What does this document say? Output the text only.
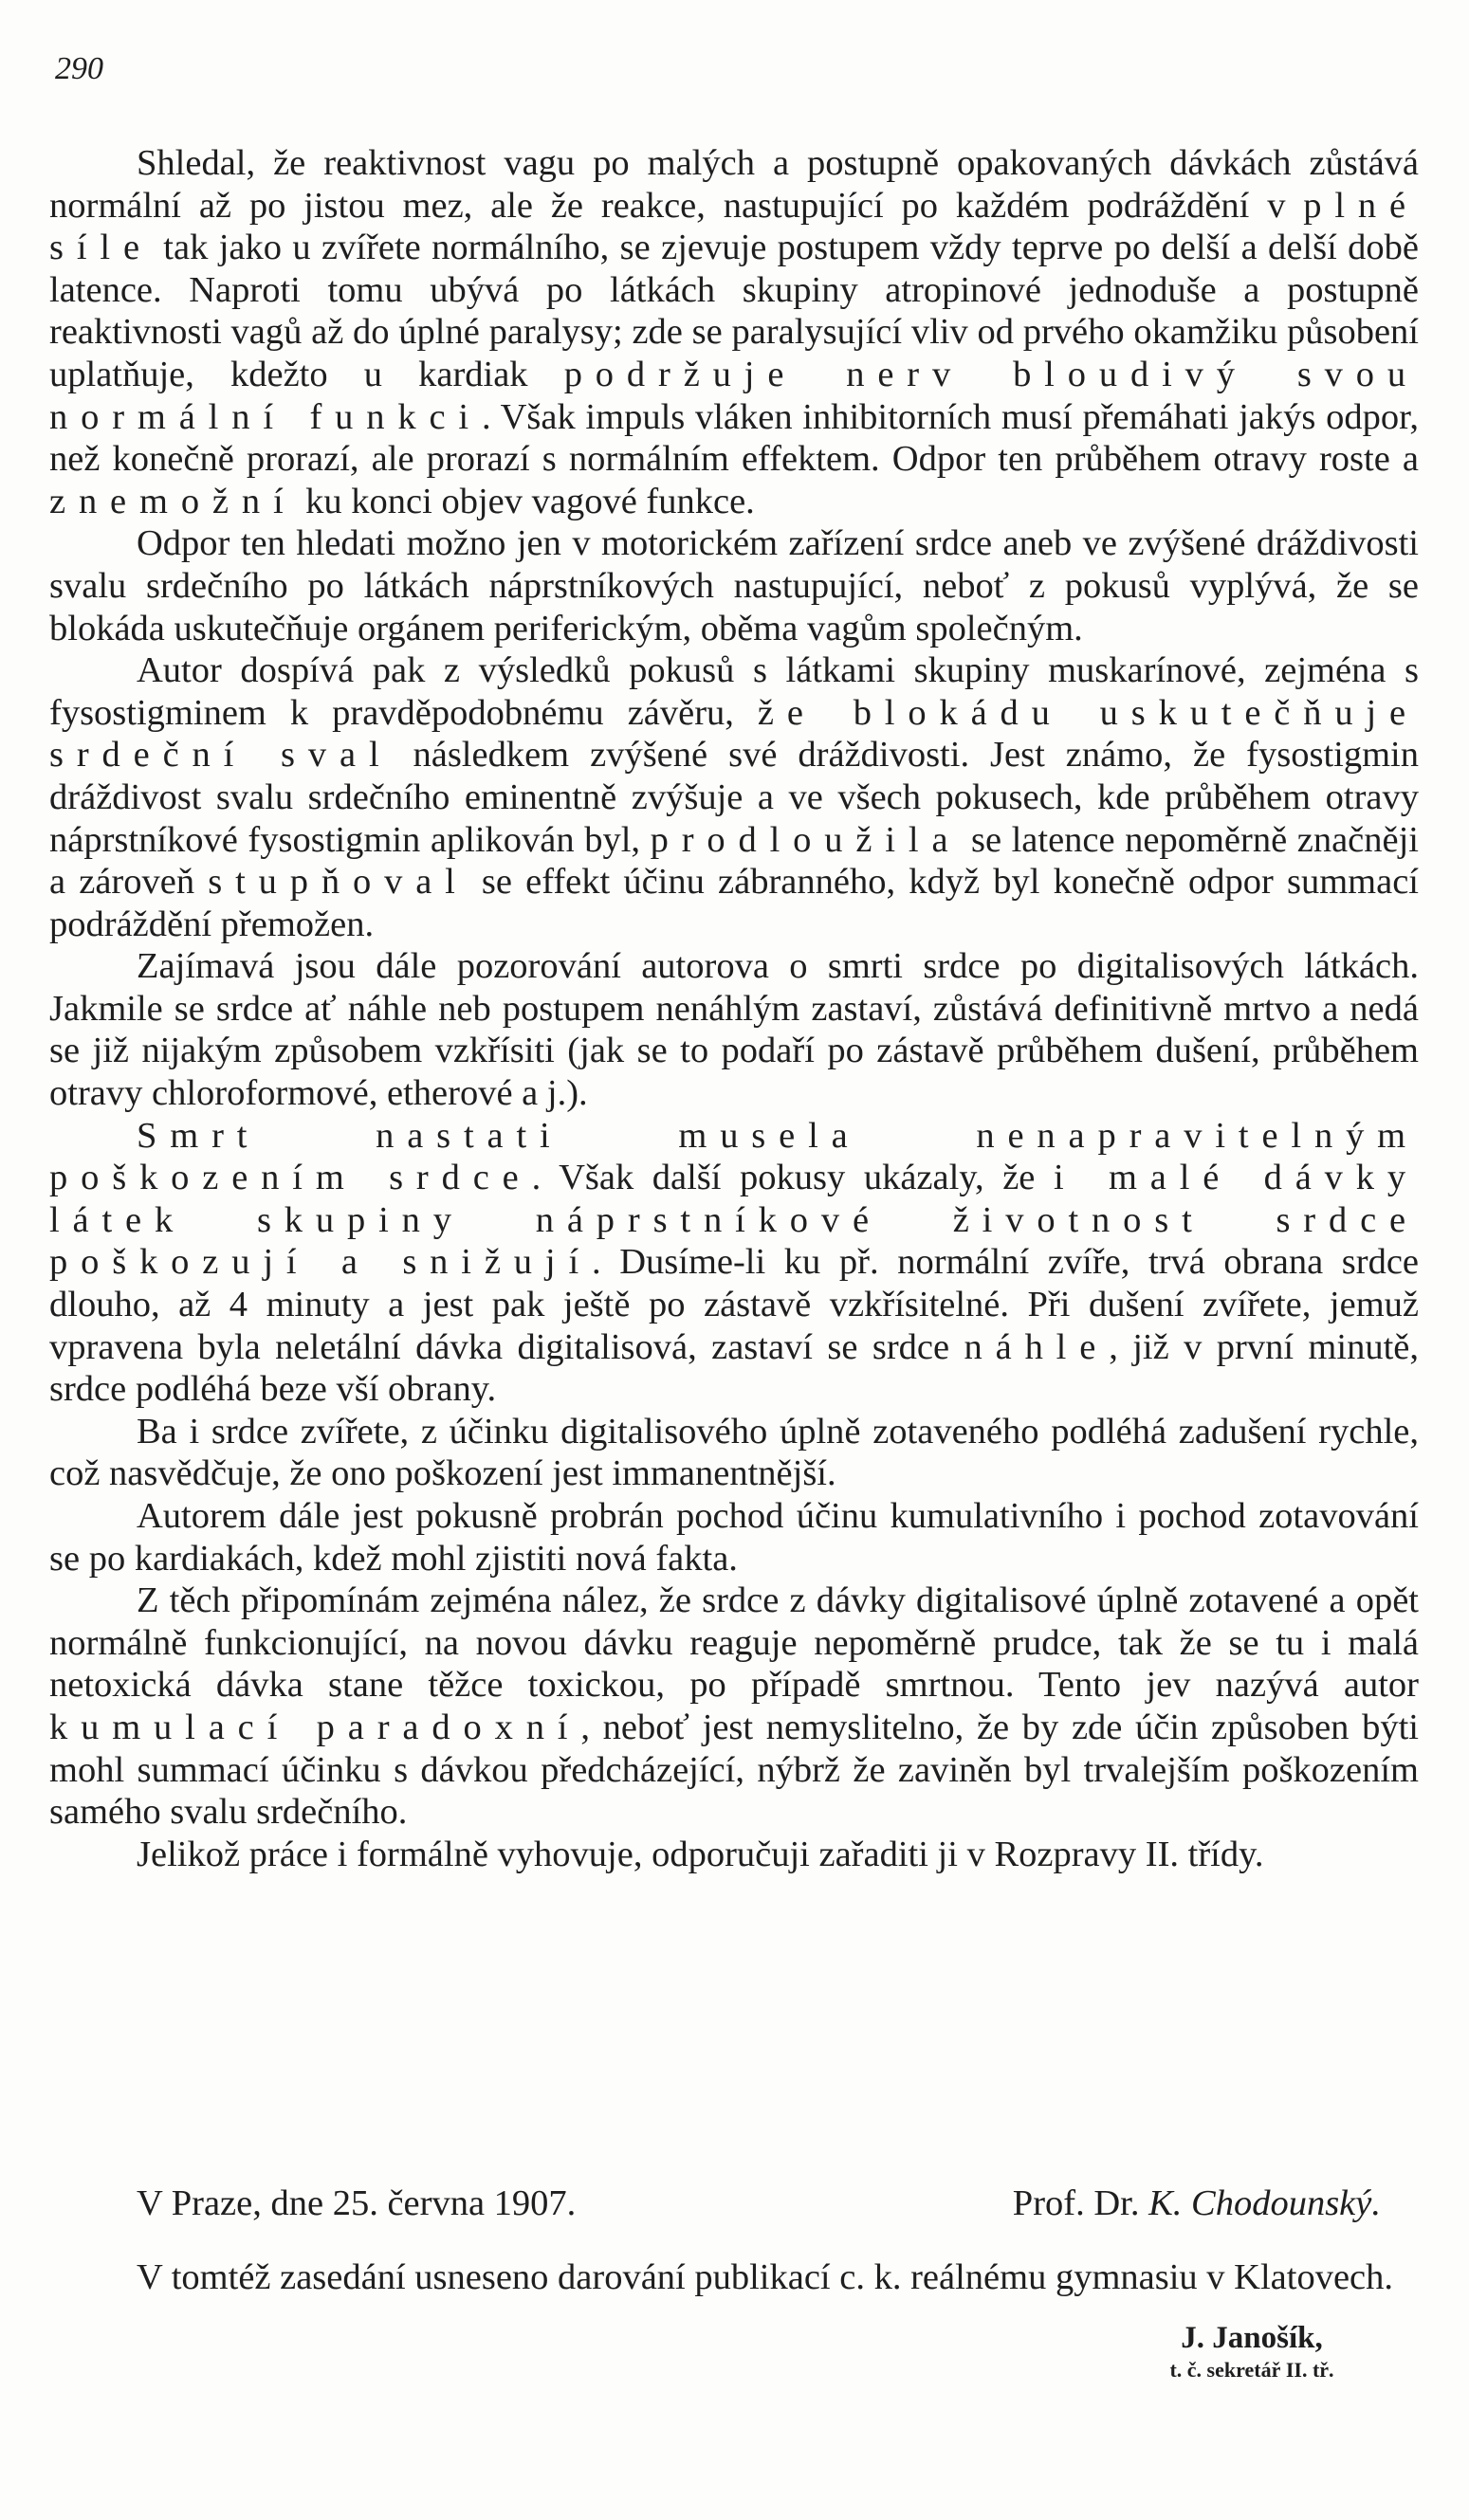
290

Shledal, že reaktivnost vagu po malých a postupně opakovaných dávkách zůstává normální až po jistou mez, ale že reakce, nastupující po každém podráždění v plné síle tak jako u zvířete normálního, se zjevuje postupem vždy teprve po delší a delší době latence. Naproti tomu ubývá po látkách skupiny atropinové jednoduše a postupně reaktivnosti vagů až do úplné paralysy; zde se paralysující vliv od prvého okamžiku působení uplatňuje, kdežto u kardiak podržuje nerv bloudivý svou normální funkci. Však impuls vláken inhibitorních musí přemáhati jakýs odpor, než konečně prorazí, ale prorazí s normálním effektem. Odpor ten průběhem otravy roste a znemožní ku konci objev vagové funkce.

Odpor ten hledati možno jen v motorickém zařízení srdce aneb ve zvýšené dráždivosti svalu srdečního po látkách náprstníkových nastupující, neboť z pokusů vyplývá, že se blokáda uskutečňuje orgánem periferickým, oběma vagům společným.

Autor dospívá pak z výsledků pokusů s látkami skupiny muskarínové, zejména s fysostigminem k pravděpodobnému závěru, že blokádu uskutečňuje srdeční sval následkem zvýšené své dráždivosti. Jest známo, že fysostigmin dráždivost svalu srdečního eminentně zvýšuje a ve všech pokusech, kde průběhem otravy náprstníkové fysostigmin aplikován byl, prodloužila se latence nepoměrně značněji a zároveň stupňoval se effekt účinu zábranného, když byl konečně odpor summací podráždění přemožen.

Zajímavá jsou dále pozorování autorova o smrti srdce po digitalisových látkách. Jakmile se srdce ať náhle neb postupem nenáhlým zastaví, zůstává definitivně mrtvo a nedá se již nijakým způsobem vzkřísiti (jak se to podaří po zástavě průběhem dušení, průběhem otravy chloroformové, etherové a j.).

Smrt nastati musela nenapravitelným poškozením srdce. Však další pokusy ukázaly, že i malé dávky látek skupiny náprstníkové životnost srdce poškozují a snižují. Dusíme-li ku př. normální zvíře, trvá obrana srdce dlouho, až 4 minuty a jest pak ještě po zástavě vzkřísitelné. Při dušení zvířete, jemuž vpravena byla neletální dávka digitalisová, zastaví se srdce náhle, již v první minutě, srdce podléhá beze vší obrany.

Ba i srdce zvířete, z účinku digitalisového úplně zotaveného podléhá zadušení rychle, což nasvědčuje, že ono poškození jest immanentnější.

Autorem dále jest pokusně probrán pochod účinu kumulativního i pochod zotavování se po kardiakách, kdež mohl zjistiti nová fakta.

Z těch připomínám zejména nález, že srdce z dávky digitalisové úplně zotavené a opět normálně funkcionující, na novou dávku reaguje nepoměrně prudce, tak že se tu i malá netoxická dávka stane těžce toxickou, po případě smrtnou. Tento jev nazývá autor kumulací paradoxní, neboť jest nemyslitelno, že by zde účin způsoben býti mohl summací účinku s dávkou předcházející, nýbrž že zaviněn byl trvalejším poškozením samého svalu srdečního.

Jelikož práce i formálně vyhovuje, odporučuji zařaditi ji v Rozpravy II. třídy.

V Praze, dne 25. června 1907.	Prof. Dr. K. Chodounský.

V tomtéž zasedání usneseno darování publikací c. k. reálnému gymnasiu v Klatovech.

J. Janošík,
t. č. sekretář II. tř.
